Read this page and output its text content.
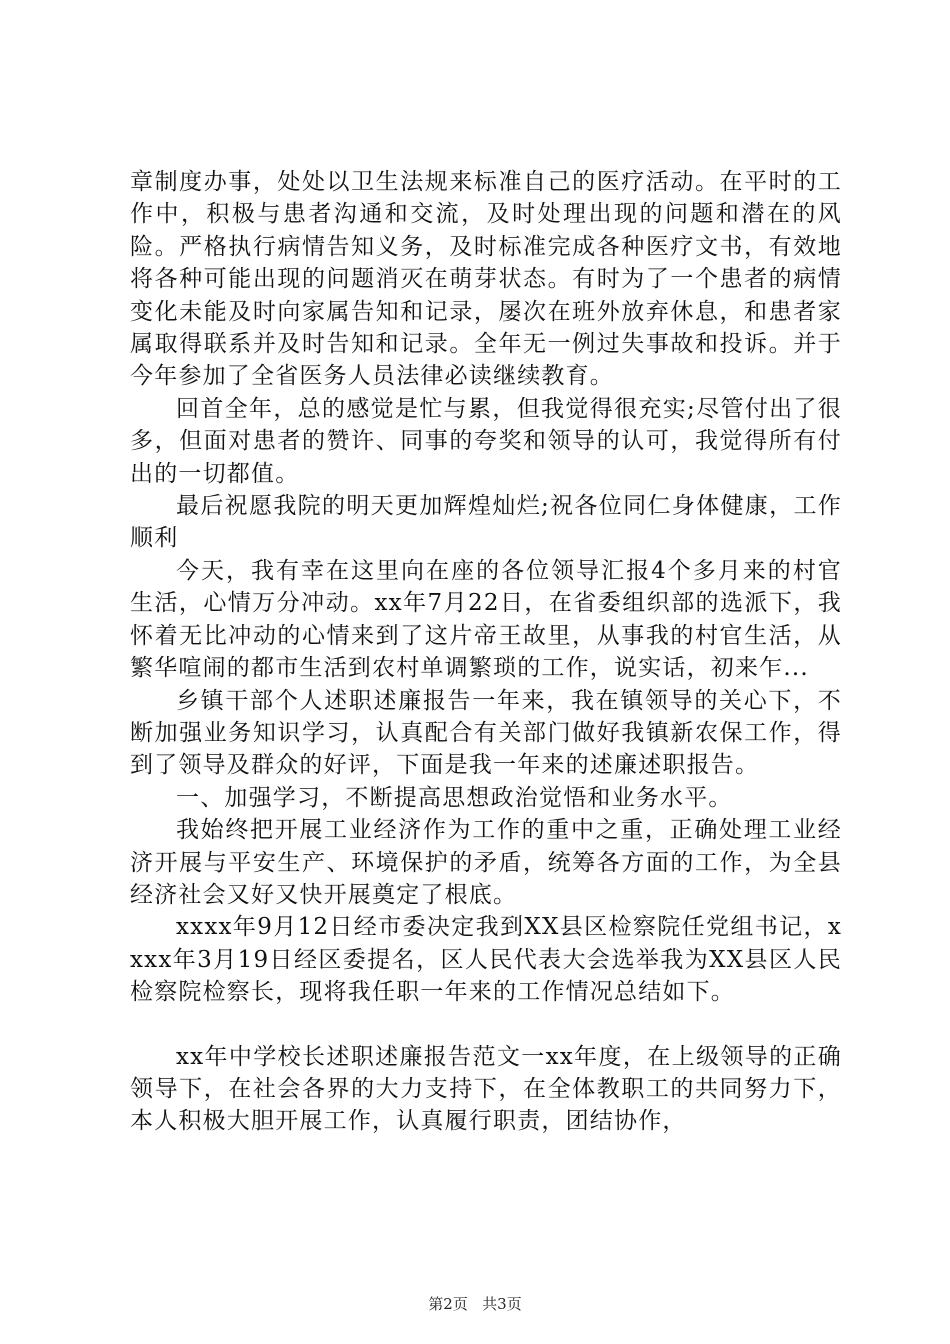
章制度办事，处处以卫生法规来标准自己的医疗活动。在平时的工作中，积极与患者沟通和交流，及时处理出现的问题和潜在的风险。严格执行病情告知义务，及时标准完成各种医疗文书，有效地将各种可能出现的问题消灭在萌芽状态。有时为了一个患者的病情变化未能及时向家属告知和记录，屡次在班外放弃休息，和患者家属取得联系并及时告知和记录。全年无一例过失事故和投诉。并于今年参加了全省医务人员法律必读继续教育。

回首全年，总的感觉是忙与累，但我觉得很充实;尽管付出了很多，但面对患者的赞许、同事的夸奖和领导的认可，我觉得所有付出的一切都值。

最后祝愿我院的明天更加辉煌灿烂;祝各位同仁身体健康，工作顺利

今天，我有幸在这里向在座的各位领导汇报4个多月来的村官生活，心情万分冲动。xx年7月22日，在省委组织部的选派下，我怀着无比冲动的心情来到了这片帝王故里，从事我的村官生活，从繁华喧闹的都市生活到农村单调繁琐的工作，说实话，初来乍...

乡镇干部个人述职述廉报告一年来，我在镇领导的关心下，不断加强业务知识学习，认真配合有关部门做好我镇新农保工作，得到了领导及群众的好评，下面是我一年来的述廉述职报告。

一、加强学习，不断提高思想政治觉悟和业务水平。

我始终把开展工业经济作为工作的重中之重，正确处理工业经济开展与平安生产、环境保护的矛盾，统筹各方面的工作，为全县经济社会又好又快开展奠定了根底。

xxxx年9月12日经市委决定我到XX县区检察院任党组书记，xxxx年3月19日经区委提名，区人民代表大会选举我为XX县区人民检察院检察长，现将我任职一年来的工作情况总结如下。

xx年中学校长述职述廉报告范文一xx年度，在上级领导的正确领导下，在社会各界的大力支持下，在全体教职工的共同努力下，本人积极大胆开展工作，认真履行职责，团结协作，

第2页 共3页
